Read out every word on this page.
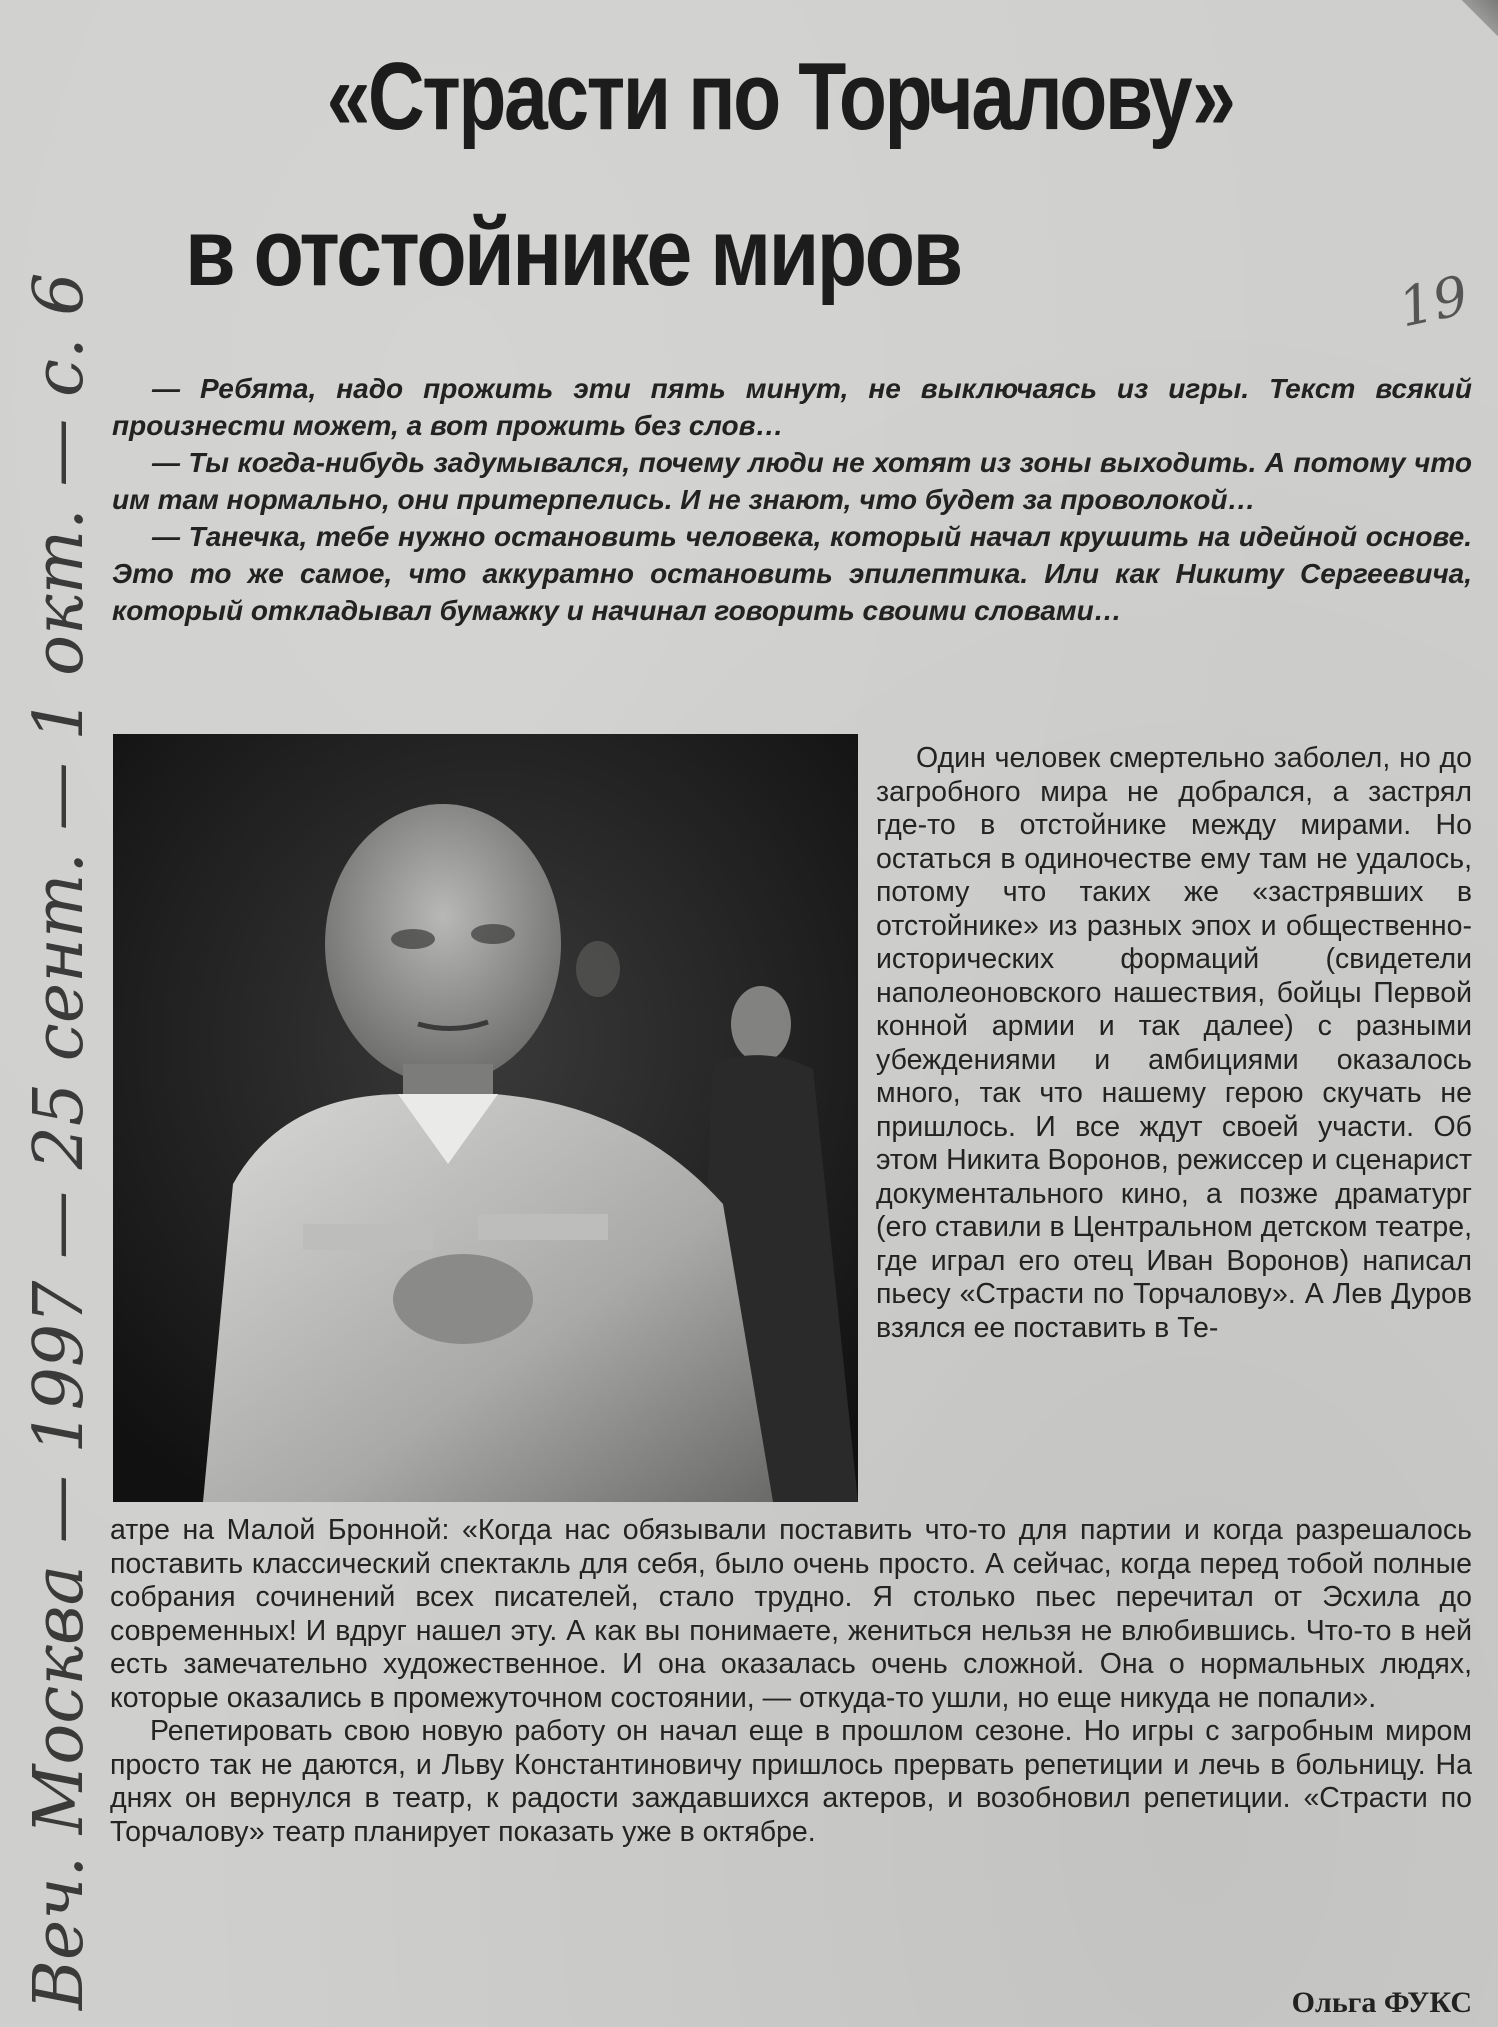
«Страсти по Торчалову»
в отстойнике миров	19

— Ребята, надо прожить эти пять минут, не выключаясь из игры. Текст всякий произнести может, а вот прожить без слов…

— Ты когда-нибудь задумывался, почему люди не хотят из зоны выходить. А потому что им там нормально, они притерпелись. И не знают, что будет за проволокой…

— Танечка, тебе нужно остановить человека, который начал крушить на идейной основе. Это то же самое, что аккуратно остановить эпилептика. Или как Никиту Сергеевича, который откладывал бумажку и начинал говорить своими словами…

Один человек смертельно заболел, но до загробного мира не добрался, а застрял где-то в отстойнике между мирами. Но остаться в одиночестве ему там не удалось, потому что таких же «застрявших в отстойнике» из разных эпох и общественно-исторических формаций (свидетели наполеоновского нашествия, бойцы Первой конной армии и так далее) с разными убеждениями и амбициями оказалось много, так что нашему герою скучать не пришлось. И все ждут своей участи. Об этом Никита Воронов, режиссер и сценарист документального кино, а позже драматург (его ставили в Центральном детском театре, где играл его отец Иван Воронов) написал пьесу «Страсти по Торчалову». А Лев Дуров взялся ее поставить в Те-

атре на Малой Бронной: «Когда нас обязывали поставить что-то для партии и когда разрешалось поставить классический спектакль для себя, было очень просто. А сейчас, когда перед тобой полные собрания сочинений всех писателей, стало трудно. Я столько пьес перечитал от Эсхила до современных! И вдруг нашел эту. А как вы понимаете, жениться нельзя не влюбившись. Что-то в ней есть замечательно художественное. И она оказалась очень сложной. Она о нормальных людях, которые оказались в промежуточном состоянии, — откуда-то ушли, но еще никуда не попали».

Репетировать свою новую работу он начал еще в прошлом сезоне. Но игры с загробным миром просто так не даются, и Льву Константиновичу пришлось прервать репетиции и лечь в больницу. На днях он вернулся в театр, к радости заждавшихся актеров, и возобновил репетиции. «Страсти по Торчалову» театр планирует показать уже в октябре.

Ольга ФУКС
Веч. Москва — 1997 — 25 сент. — 1 окт. — с. 6
